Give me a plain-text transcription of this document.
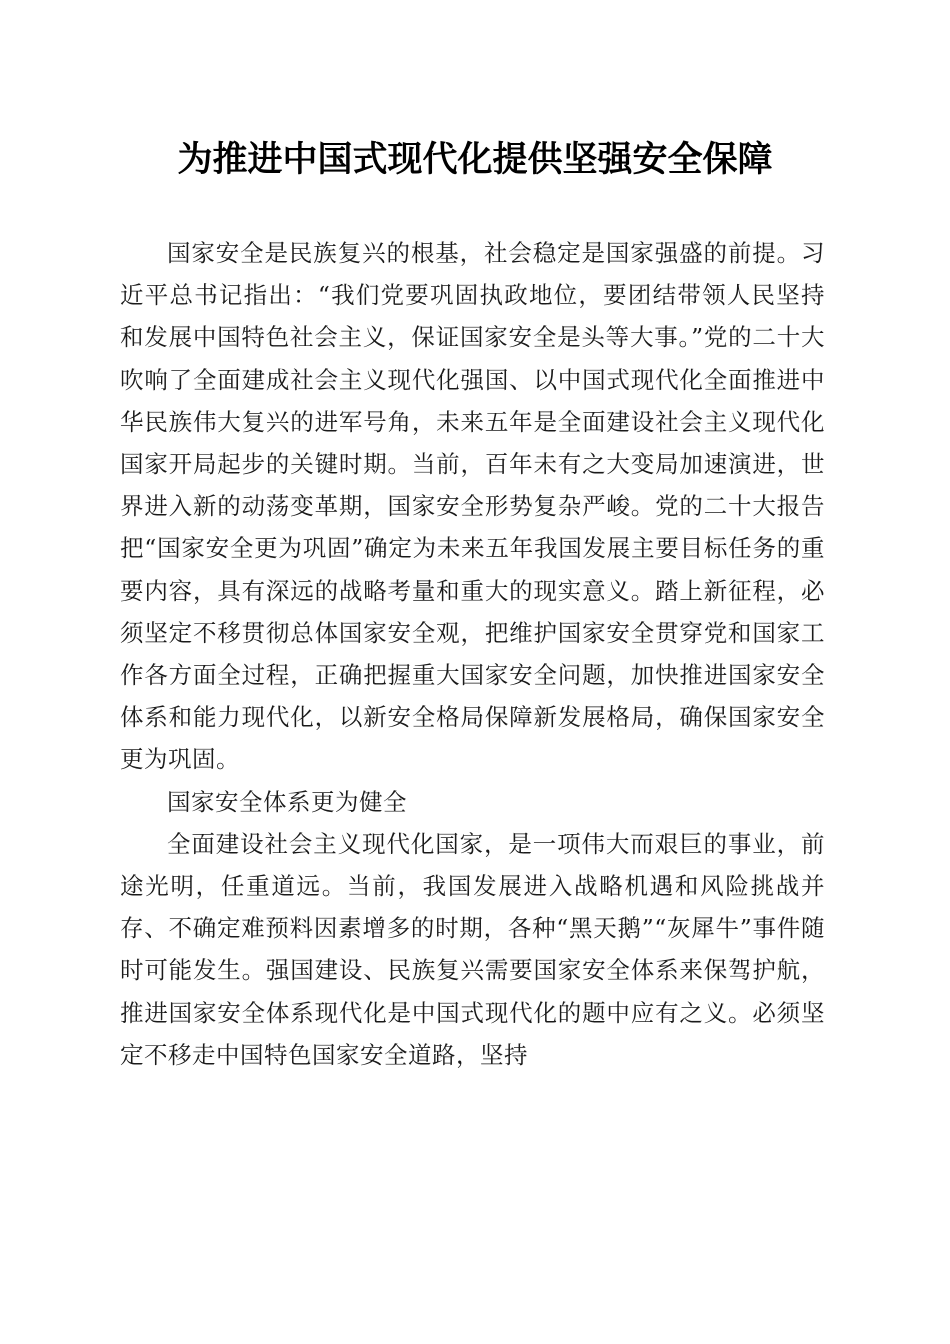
为推进中国式现代化提供坚强安全保障

国家安全是民族复兴的根基，社会稳定是国家强盛的前提。习近平总书记指出：“我们党要巩固执政地位，要团结带领人民坚持和发展中国特色社会主义，保证国家安全是头等大事。”党的二十大吹响了全面建成社会主义现代化强国、以中国式现代化全面推进中华民族伟大复兴的进军号角，未来五年是全面建设社会主义现代化国家开局起步的关键时期。当前，百年未有之大变局加速演进，世界进入新的动荡变革期，国家安全形势复杂严峻。党的二十大报告把“国家安全更为巩固”确定为未来五年我国发展主要目标任务的重要内容，具有深远的战略考量和重大的现实意义。踏上新征程，必须坚定不移贯彻总体国家安全观，把维护国家安全贯穿党和国家工作各方面全过程，正确把握重大国家安全问题，加快推进国家安全体系和能力现代化，以新安全格局保障新发展格局，确保国家安全更为巩固。

国家安全体系更为健全

全面建设社会主义现代化国家，是一项伟大而艰巨的事业，前途光明，任重道远。当前，我国发展进入战略机遇和风险挑战并存、不确定难预料因素增多的时期，各种“黑天鹅”“灰犀牛”事件随时可能发生。强国建设、民族复兴需要国家安全体系来保驾护航，推进国家安全体系现代化是中国式现代化的题中应有之义。必须坚定不移走中国特色国家安全道路，坚持
